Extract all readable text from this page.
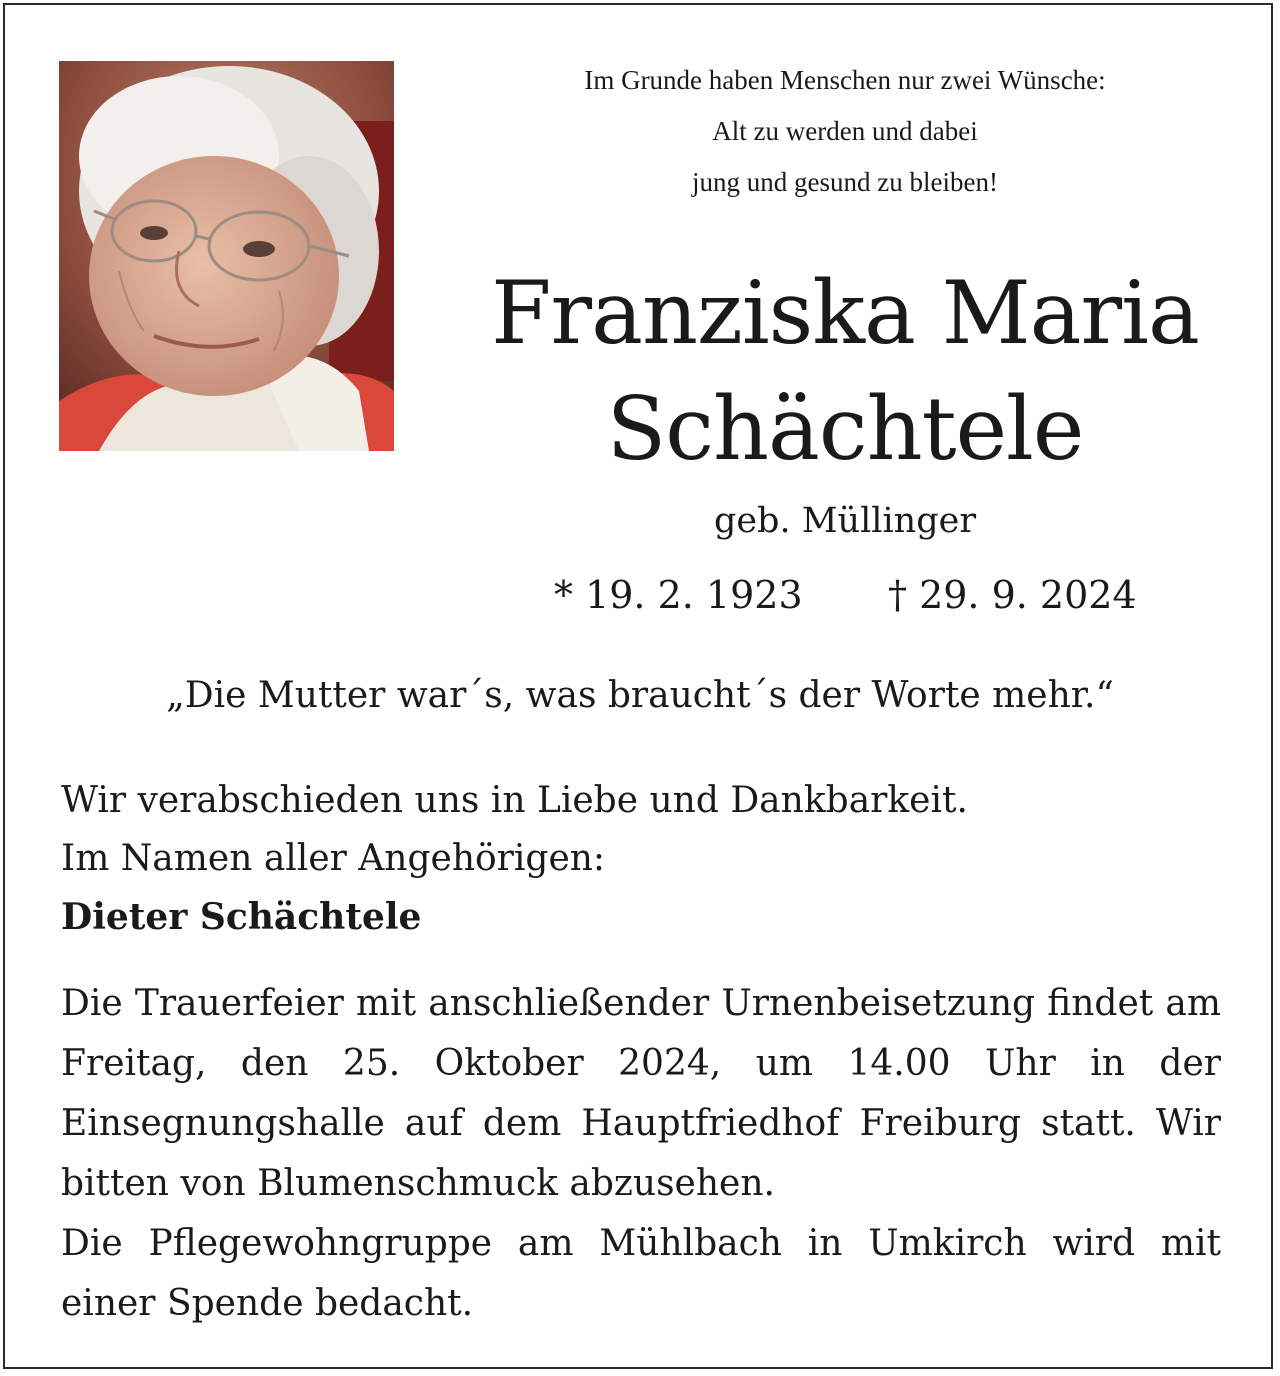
Im Grunde haben Menschen nur zwei Wünsche:
Alt zu werden und dabei
jung und gesund zu bleiben!
Franziska Maria
Schächtele
geb. Müllinger
* 19. 2. 1923 † 29. 9. 2024
„Die Mutter war´s, was braucht´s der Worte mehr.“
Wir verabschieden uns in Liebe und Dankbarkeit.
Im Namen aller Angehörigen:
Dieter Schächtele

Die Trauerfeier mit anschließender Urnenbeisetzung findet am Freitag, den 25. Oktober 2024, um 14.00 Uhr in der Einsegnungshalle auf dem Hauptfriedhof Freiburg statt. Wir bitten von Blumenschmuck abzusehen.

Die Pflegewohngruppe am Mühlbach in Umkirch wird mit einer Spende bedacht.
